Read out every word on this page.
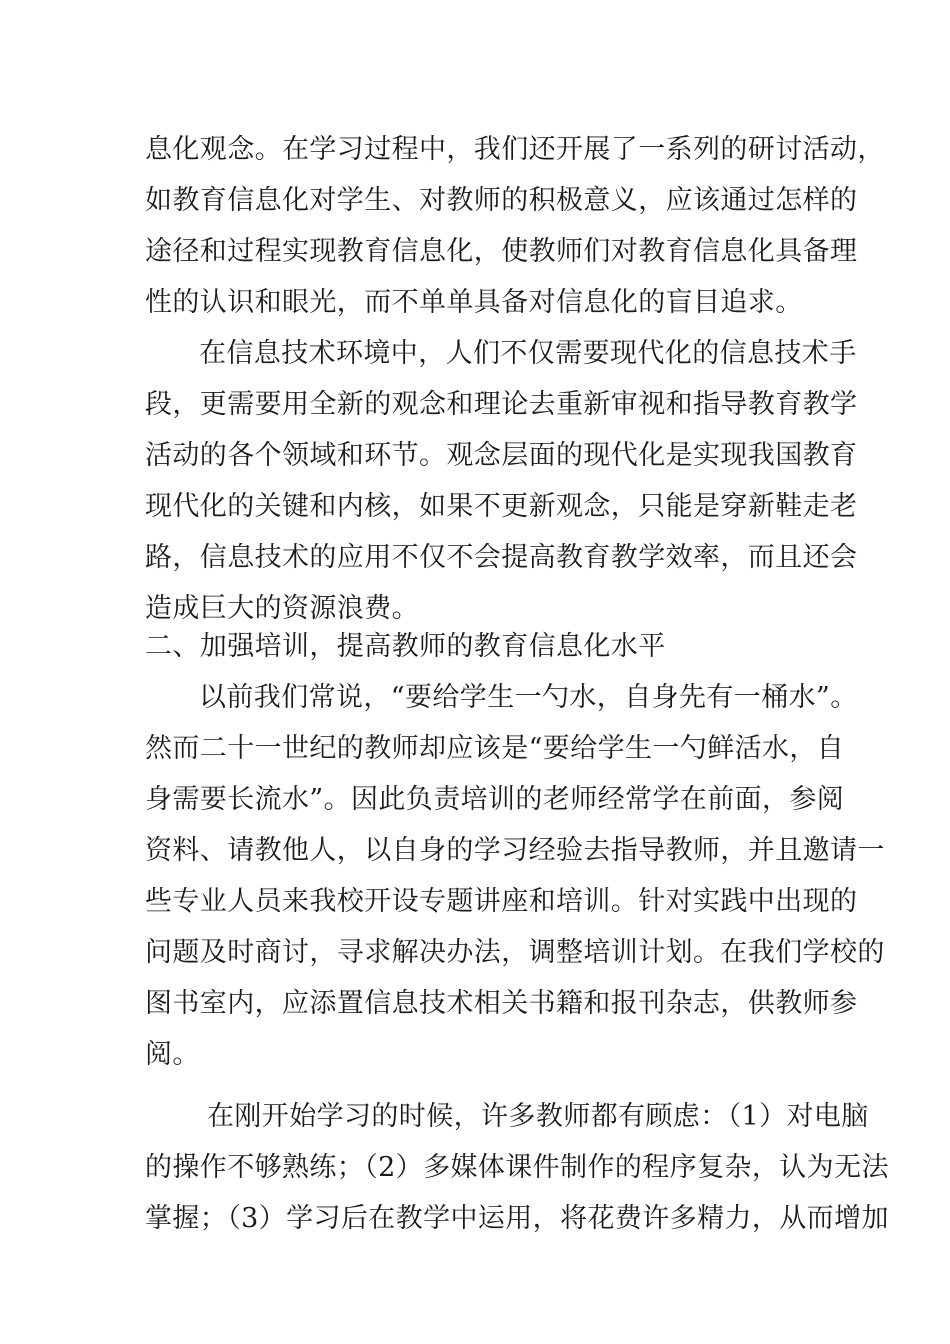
息化观念。在学习过程中，我们还开展了一系列的研讨活动，
如教育信息化对学生、对教师的积极意义，应该通过怎样的
途径和过程实现教育信息化，使教师们对教育信息化具备理
性的认识和眼光，而不单单具备对信息化的盲目追求。
在信息技术环境中，人们不仅需要现代化的信息技术手
段，更需要用全新的观念和理论去重新审视和指导教育教学
活动的各个领域和环节。观念层面的现代化是实现我国教育
现代化的关键和内核，如果不更新观念，只能是穿新鞋走老
路，信息技术的应用不仅不会提高教育教学效率，而且还会
造成巨大的资源浪费。
二、加强培训，提高教师的教育信息化水平
以前我们常说，“要给学生一勺水，自身先有一桶水”。
然而二十一世纪的教师却应该是“要给学生一勺鲜活水，自
身需要长流水”。因此负责培训的老师经常学在前面，参阅
资料、请教他人，以自身的学习经验去指导教师，并且邀请一
些专业人员来我校开设专题讲座和培训。针对实践中出现的
问题及时商讨，寻求解决办法，调整培训计划。在我们学校的
图书室内，应添置信息技术相关书籍和报刊杂志，供教师参
阅。
在刚开始学习的时候，许多教师都有顾虑：（1）对电脑
的操作不够熟练；（2）多媒体课件制作的程序复杂，认为无法
掌握；（3）学习后在教学中运用，将花费许多精力，从而增加
